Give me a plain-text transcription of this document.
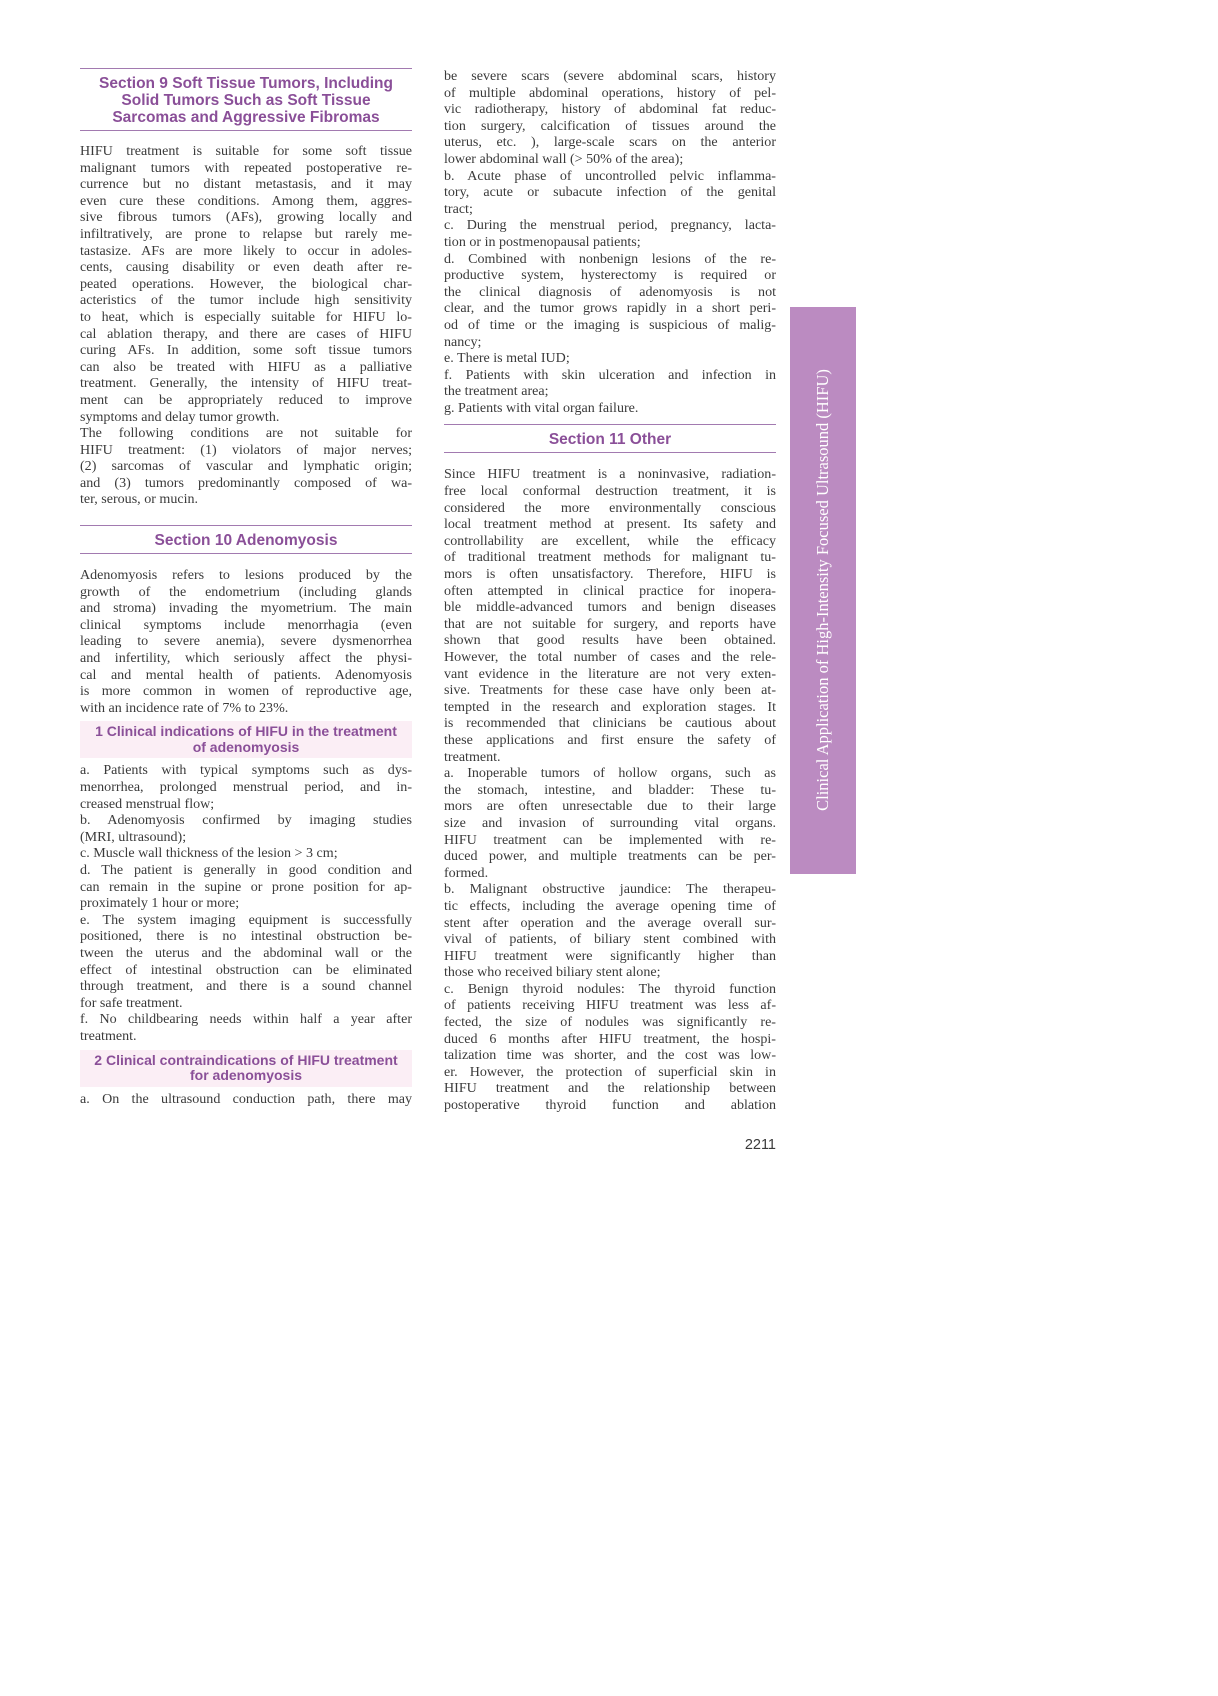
Section 9 Soft Tissue Tumors, Including
Solid Tumors Such as Soft Tissue
Sarcomas and Aggressive Fibromas
HIFU treatment is suitable for some soft tissue
malignant tumors with repeated postoperative re-
currence but no distant metastasis, and it may
even cure these conditions. Among them, aggres-
sive fibrous tumors (AFs), growing locally and
infiltratively, are prone to relapse but rarely me-
tastasize. AFs are more likely to occur in adoles-
cents, causing disability or even death after re-
peated operations. However, the biological char-
acteristics of the tumor include high sensitivity
to heat, which is especially suitable for HIFU lo-
cal ablation therapy, and there are cases of HIFU
curing AFs. In addition, some soft tissue tumors
can also be treated with HIFU as a palliative
treatment. Generally, the intensity of HIFU treat-
ment can be appropriately reduced to improve
symptoms and delay tumor growth.
The following conditions are not suitable for
HIFU treatment: (1) violators of major nerves;
(2) sarcomas of vascular and lymphatic origin;
and (3) tumors predominantly composed of wa-
ter, serous, or mucin.
Section 10 Adenomyosis
Adenomyosis refers to lesions produced by the
growth of the endometrium (including glands
and stroma) invading the myometrium. The main
clinical symptoms include menorrhagia (even
leading to severe anemia), severe dysmenorrhea
and infertility, which seriously affect the physi-
cal and mental health of patients. Adenomyosis
is more common in women of reproductive age,
with an incidence rate of 7% to 23%.
1 Clinical indications of HIFU in the treatment
of adenomyosis
a. Patients with typical symptoms such as dys-
menorrhea, prolonged menstrual period, and in-
creased menstrual flow;
b. Adenomyosis confirmed by imaging studies
(MRI, ultrasound);
c. Muscle wall thickness of the lesion > 3 cm;
d. The patient is generally in good condition and
can remain in the supine or prone position for ap-
proximately 1 hour or more;
e. The system imaging equipment is successfully
positioned, there is no intestinal obstruction be-
tween the uterus and the abdominal wall or the
effect of intestinal obstruction can be eliminated
through treatment, and there is a sound channel
for safe treatment.
f. No childbearing needs within half a year after
treatment.
2 Clinical contraindications of HIFU treatment
for adenomyosis
a. On the ultrasound conduction path, there may
be severe scars (severe abdominal scars, history
of multiple abdominal operations, history of pel-
vic radiotherapy, history of abdominal fat reduc-
tion surgery, calcification of tissues around the
uterus, etc. ), large-scale scars on the anterior
lower abdominal wall (> 50% of the area);
b. Acute phase of uncontrolled pelvic inflamma-
tory, acute or subacute infection of the genital
tract;
c. During the menstrual period, pregnancy, lacta-
tion or in postmenopausal patients;
d. Combined with nonbenign lesions of the re-
productive system, hysterectomy is required or
the clinical diagnosis of adenomyosis is not
clear, and the tumor grows rapidly in a short peri-
od of time or the imaging is suspicious of malig-
nancy;
e. There is metal IUD;
f. Patients with skin ulceration and infection in
the treatment area;
g. Patients with vital organ failure.
Section 11 Other
Since HIFU treatment is a noninvasive, radiation-
free local conformal destruction treatment, it is
considered the more environmentally conscious
local treatment method at present. Its safety and
controllability are excellent, while the efficacy
of traditional treatment methods for malignant tu-
mors is often unsatisfactory. Therefore, HIFU is
often attempted in clinical practice for inopera-
ble middle-advanced tumors and benign diseases
that are not suitable for surgery, and reports have
shown that good results have been obtained.
However, the total number of cases and the rele-
vant evidence in the literature are not very exten-
sive. Treatments for these case have only been at-
tempted in the research and exploration stages. It
is recommended that clinicians be cautious about
these applications and first ensure the safety of
treatment.
a. Inoperable tumors of hollow organs, such as
the stomach, intestine, and bladder: These tu-
mors are often unresectable due to their large
size and invasion of surrounding vital organs.
HIFU treatment can be implemented with re-
duced power, and multiple treatments can be per-
formed.
b. Malignant obstructive jaundice: The therapeu-
tic effects, including the average opening time of
stent after operation and the average overall sur-
vival of patients, of biliary stent combined with
HIFU treatment were significantly higher than
those who received biliary stent alone;
c. Benign thyroid nodules: The thyroid function
of patients receiving HIFU treatment was less af-
fected, the size of nodules was significantly re-
duced 6 months after HIFU treatment, the hospi-
talization time was shorter, and the cost was low-
er. However, the protection of superficial skin in
HIFU treatment and the relationship between
postoperative thyroid function and ablation
Clinical Application of High-Intensity Focused Ultrasound (HIFU)
2211
